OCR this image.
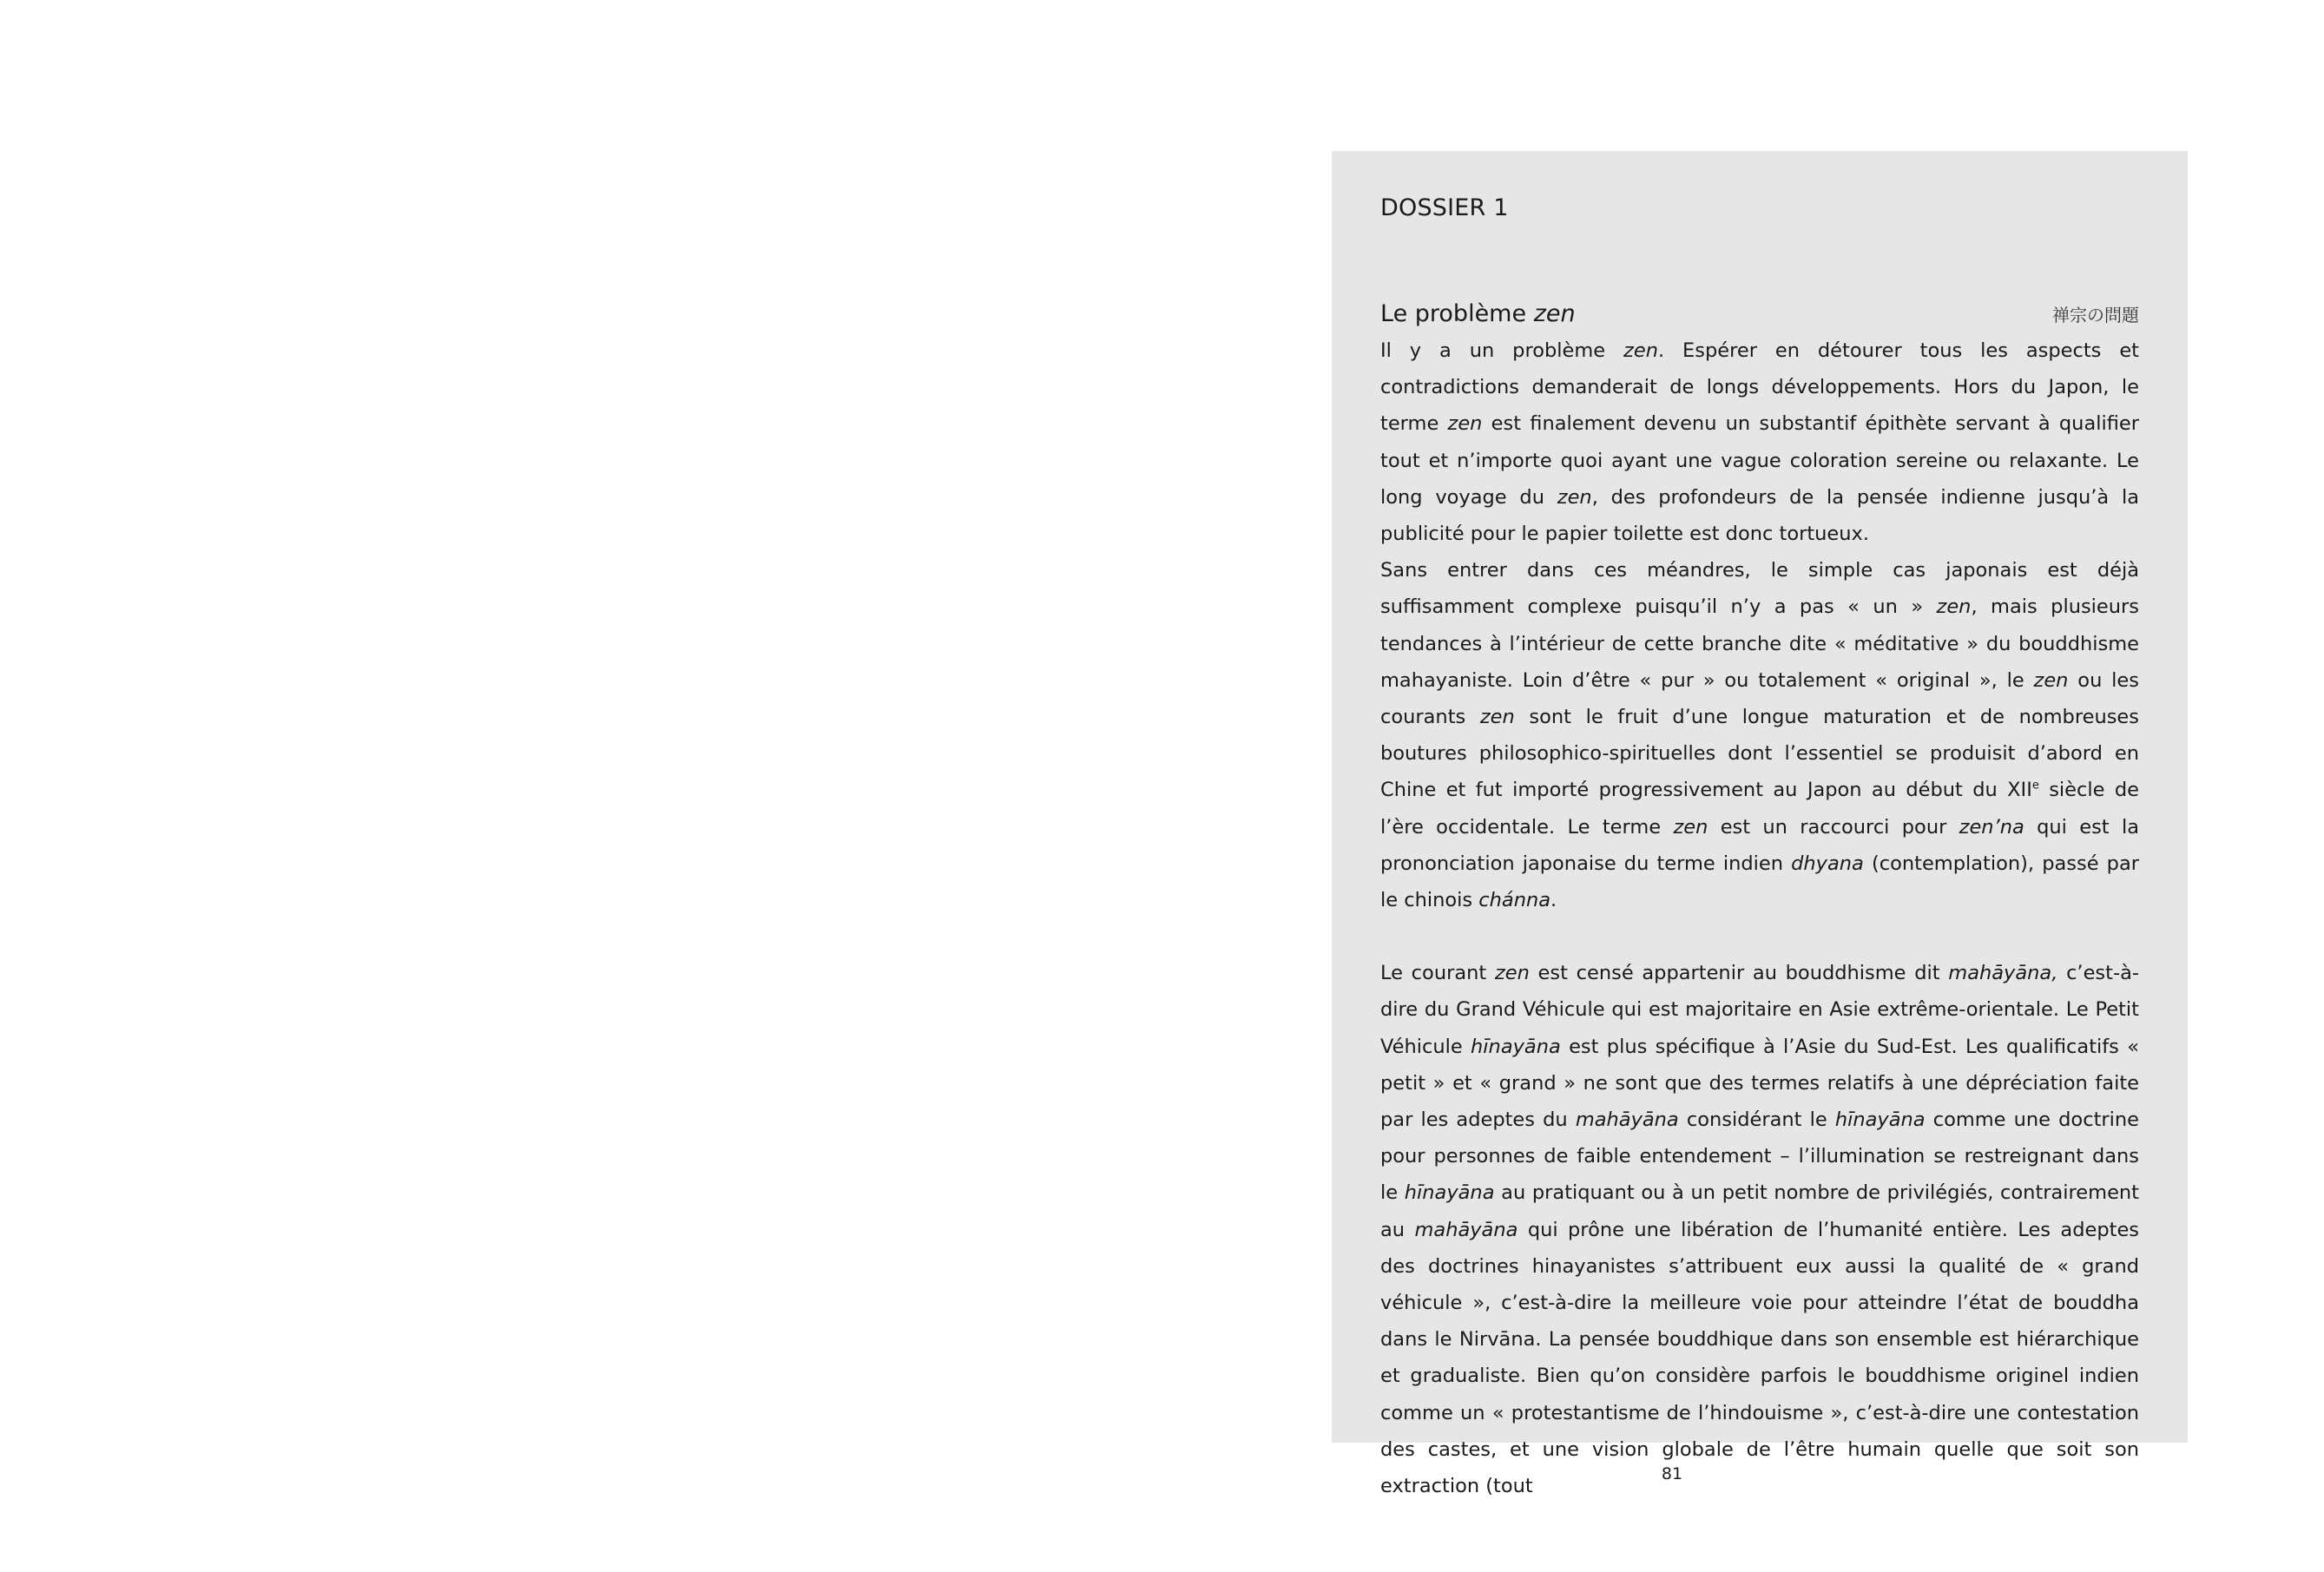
DOSSIER 1
Le problème zen	禅宗の問題

Il y a un problème zen. Espérer en détourer tous les aspects et contradictions demanderait de longs développements. Hors du Japon, le terme zen est finalement devenu un substantif épithète servant à qualifier tout et n’importe quoi ayant une vague coloration sereine ou relaxante. Le long voyage du zen, des profondeurs de la pensée indienne jusqu’à la publicité pour le papier toilette est donc tortueux.

Sans entrer dans ces méandres, le simple cas japonais est déjà suffisamment complexe puisqu’il n’y a pas « un » zen, mais plusieurs tendances à l’intérieur de cette branche dite « méditative » du bouddhisme mahayaniste. Loin d’être « pur » ou totalement « original », le zen ou les courants zen sont le fruit d’une longue maturation et de nombreuses boutures philosophico-spirituelles dont l’essentiel se produisit d’abord en Chine et fut importé progressivement au Japon au début du XIIe siècle de l’ère occidentale. Le terme zen est un raccourci pour zen’na qui est la prononciation japonaise du terme indien dhyana (contemplation), passé par le chinois chánna.

Le courant zen est censé appartenir au bouddhisme dit mahāyāna, c’est-à-dire du Grand Véhicule qui est majoritaire en Asie extrême-orientale. Le Petit Véhicule hīnayāna est plus spécifique à l’Asie du Sud-Est. Les qualificatifs « petit » et « grand » ne sont que des termes relatifs à une dépréciation faite par les adeptes du mahāyāna considérant le hīnayāna comme une doctrine pour personnes de faible entendement – l’illumination se restreignant dans le hīnayāna au pratiquant ou à un petit nombre de privilégiés, contrairement au mahāyāna qui prône une libération de l’humanité entière. Les adeptes des doctrines hinayanistes s’attribuent eux aussi la qualité de « grand véhicule », c’est-à-dire la meilleure voie pour atteindre l’état de bouddha dans le Nirvāna. La pensée bouddhique dans son ensemble est hiérarchique et gradualiste. Bien qu’on considère parfois le bouddhisme originel indien comme un « protestantisme de l’hindouisme », c’est-à-dire une contestation des castes, et une vision globale de l’être humain quelle que soit son extraction (tout

81
